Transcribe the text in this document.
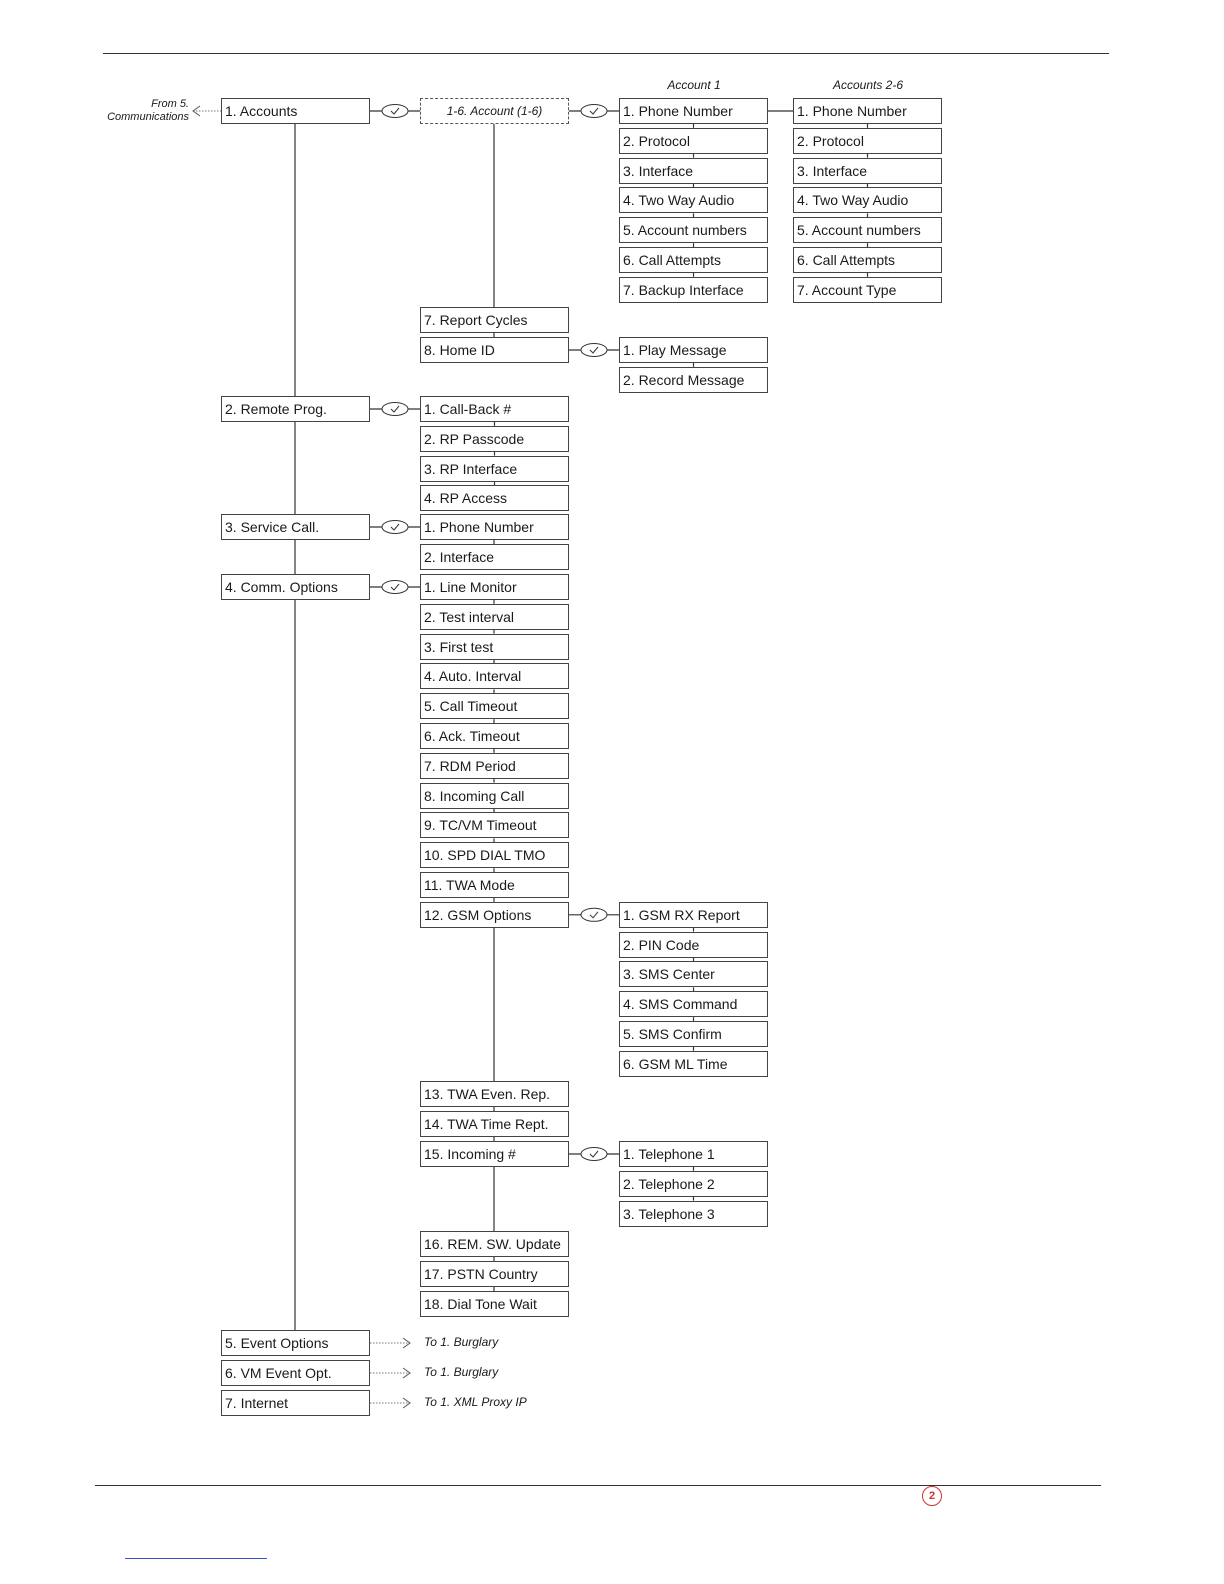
Account 1	Accounts 2-6
From 5.
Communications	1. Accounts
2. Remote Prog.
3. Service Call.
4. Comm. Options
5. Event Options
6. VM Event Opt.
7. Internet
1-6. Account (1-6)	1. Phone Number
2. Protocol
3. Interface
4. Two Way Audio
5. Account numbers
6. Call Attempts
7. Backup Interface
1. Phone Number
2. Protocol
3. Interface
4. Two Way Audio
5. Account numbers
6. Call Attempts
7. Account Type
7. Report Cycles
8. Home ID	1. Play Message
2. Record Message
1. Call-Back #
2. RP Passcode
3. RP Interface
4. RP Access
1. Phone Number
2. Interface
1. Line Monitor
2. Test interval
3. First test
4. Auto. Interval
5. Call Timeout
6. Ack. Timeout
7. RDM Period
8. Incoming Call
9. TC/VM Timeout
10. SPD DIAL TMO
11. TWA Mode
12. GSM Options
13. TWA Even. Rep.
14. TWA Time Rept.
15. Incoming #
16. REM. SW. Update
17. PSTN Country
18. Dial Tone Wait
1. GSM RX Report
2. PIN Code
3. SMS Center
4. SMS Command
5. SMS Confirm
6. GSM ML Time
1. Telephone 1
2. Telephone 2
3. Telephone 3
To 1. Burglary
To 1. Burglary
To 1. XML Proxy IP
2
